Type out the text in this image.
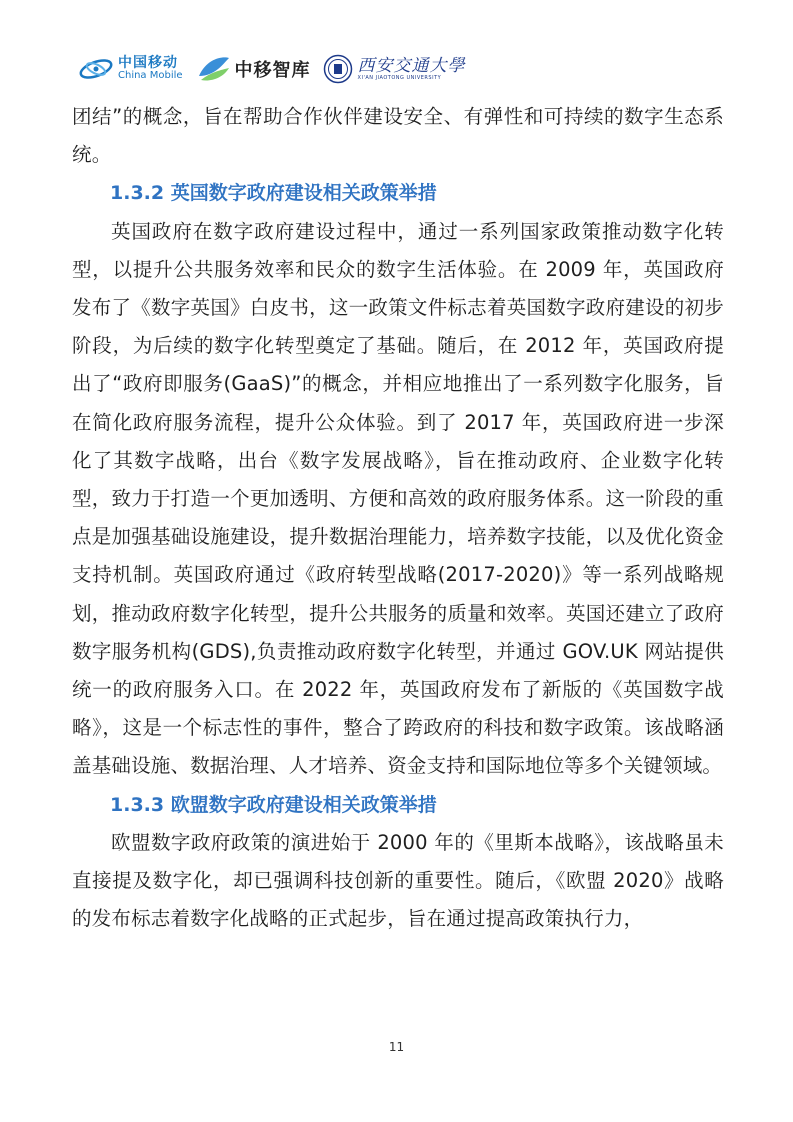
中国移动
China Mobile	中移智库	西安交通大學
XI'AN JIAOTONG UNIVERSITY

团结”的概念，旨在帮助合作伙伴建设安全、有弹性和可持续的数字生态系统。

1.3.2 英国数字政府建设相关政策举措

英国政府在数字政府建设过程中，通过一系列国家政策推动数字化转型，以提升公共服务效率和民众的数字生活体验。在 2009 年，英国政府发布了《数字英国》白皮书，这一政策文件标志着英国数字政府建设的初步阶段，为后续的数字化转型奠定了基础。随后，在 2012 年，英国政府提出了“政府即服务(GaaS)”的概念，并相应地推出了一系列数字化服务，旨在简化政府服务流程，提升公众体验。到了 2017 年，英国政府进一步深化了其数字战略，出台《数字发展战略》，旨在推动政府、企业数字化转型，致力于打造一个更加透明、方便和高效的政府服务体系。这一阶段的重点是加强基础设施建设，提升数据治理能力，培养数字技能，以及优化资金支持机制。英国政府通过《政府转型战略(2017-2020)》等一系列战略规划，推动政府数字化转型，提升公共服务的质量和效率。英国还建立了政府数字服务机构(GDS),负责推动政府数字化转型，并通过 GOV.UK 网站提供统一的政府服务入口。在 2022 年，英国政府发布了新版的《英国数字战略》，这是一个标志性的事件，整合了跨政府的科技和数字政策。该战略涵盖基础设施、数据治理、人才培养、资金支持和国际地位等多个关键领域。

1.3.3 欧盟数字政府建设相关政策举措

欧盟数字政府政策的演进始于 2000 年的《里斯本战略》，该战略虽未直接提及数字化，却已强调科技创新的重要性。随后，《欧盟 2020》战略的发布标志着数字化战略的正式起步，旨在通过提高政策执行力，

11
